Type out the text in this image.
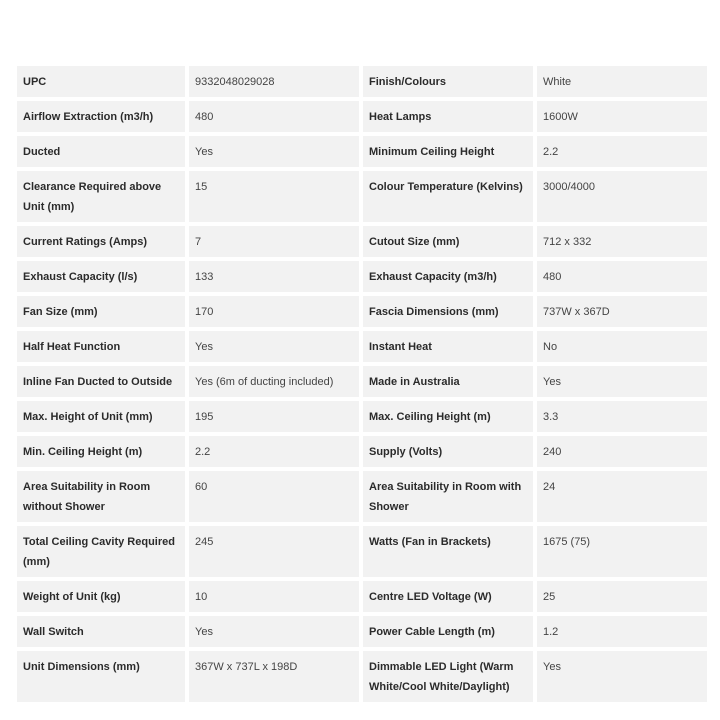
UPC	9332048029028	Finish/Colours	White
Airflow Extraction (m3/h)	480	Heat Lamps	1600W
Ducted	Yes	Minimum Ceiling Height	2.2
Clearance Required above Unit (mm)	15	Colour Temperature (Kelvins)	3000/4000
Current Ratings (Amps)	7	Cutout Size (mm)	712 x 332
Exhaust Capacity (l/s)	133	Exhaust Capacity (m3/h)	480
Fan Size (mm)	170	Fascia Dimensions (mm)	737W x 367D
Half Heat Function	Yes	Instant Heat	No
Inline Fan Ducted to Outside	Yes (6m of ducting included)	Made in Australia	Yes
Max. Height of Unit (mm)	195	Max. Ceiling Height (m)	3.3
Min. Ceiling Height (m)	2.2	Supply (Volts)	240
Area Suitability in Room without Shower	60	Area Suitability in Room with Shower	24
Total Ceiling Cavity Required (mm)	245	Watts (Fan in Brackets)	1675 (75)
Weight of Unit (kg)	10	Centre LED Voltage (W)	25
Wall Switch	Yes	Power Cable Length (m)	1.2
Unit Dimensions (mm)	367W x 737L x 198D	Dimmable LED Light (Warm White/Cool White/Daylight)	Yes
